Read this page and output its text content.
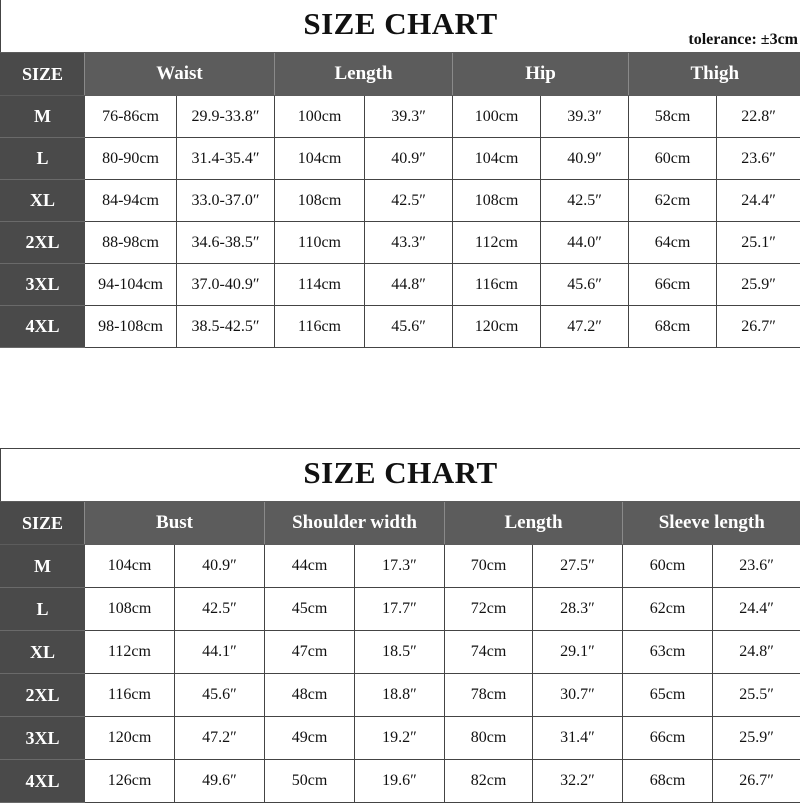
SIZE CHART	tolerance: ±3cm
SIZE	Waist		Length		Hip		Thigh	
M	76-86cm	29.9-33.8″	100cm	39.3″	100cm	39.3″	58cm	22.8″
L	80-90cm	31.4-35.4″	104cm	40.9″	104cm	40.9″	60cm	23.6″
XL	84-94cm	33.0-37.0″	108cm	42.5″	108cm	42.5″	62cm	24.4″
2XL	88-98cm	34.6-38.5″	110cm	43.3″	112cm	44.0″	64cm	25.1″
3XL	94-104cm	37.0-40.9″	114cm	44.8″	116cm	45.6″	66cm	25.9″
4XL	98-108cm	38.5-42.5″	116cm	45.6″	120cm	47.2″	68cm	26.7″
SIZE CHART
SIZE	Bust		Shoulder width		Length		Sleeve length	
M	104cm	40.9″	44cm	17.3″	70cm	27.5″	60cm	23.6″
L	108cm	42.5″	45cm	17.7″	72cm	28.3″	62cm	24.4″
XL	112cm	44.1″	47cm	18.5″	74cm	29.1″	63cm	24.8″
2XL	116cm	45.6″	48cm	18.8″	78cm	30.7″	65cm	25.5″
3XL	120cm	47.2″	49cm	19.2″	80cm	31.4″	66cm	25.9″
4XL	126cm	49.6″	50cm	19.6″	82cm	32.2″	68cm	26.7″
